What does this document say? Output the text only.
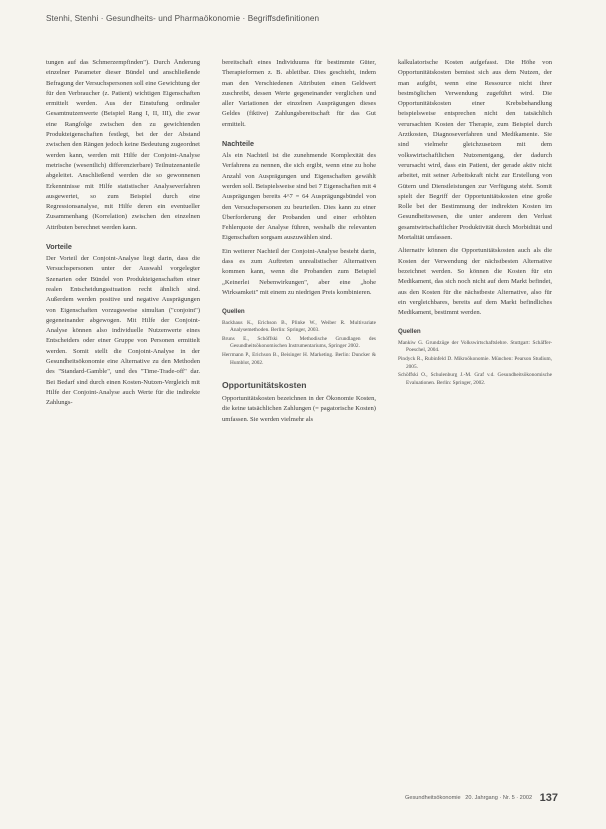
Stenhi, Stenhi · Gesundheits- und Pharmaökonomie · Begriffsdefinitionen

tungen auf das Schmerzempfinden"). Durch Änderung einzelner Parameter dieser Bündel und anschließende Befragung der Versuchspersonen soll eine Gewichtung der für den Verbraucher (z. Patient) wichtigen Eigenschaften ermittelt werden. Aus der Einstufung ordinaler Gesamtnutzenwerte (Beispiel Rang I, II, III), die zwar eine Rangfolge zwischen den zu gewichtenden Produkteigenschaften festlegt, bei der der Abstand zwischen den Rängen jedoch keine Bedeutung zugeordnet werden kann, werden mit Hilfe der Conjoint-Analyse metrische (wesentlich) differenzierbare) Teilnutzenanteile abgeleitet. Anschließend werden die so gewonnenen Erkenntnisse mit Hilfe statistischer Analyseverfahren ausgewertet, so zum Beispiel durch eine Regressionsanalyse, mit Hilfe deren ein eventueller Zusammenhang (Korrelation) zwischen den einzelnen Attributen berechnet werden kann.

Vorteile

Der Vorteil der Conjoint-Analyse liegt darin, dass die Versuchspersonen unter der Auswahl vorgelegter Szenarien oder Bündel von Produkteigenschaften einer realen Entscheidungssituation recht ähnlich sind. Außerdem werden positive und negative Ausprägungen von Eigenschaften vorzugsweise simultan ("conjoint") gegeneinander abgewogen. Mit Hilfe der Conjoint-Analyse können also individuelle Nutzenwerte eines Entscheiders oder einer Gruppe von Personen ermittelt werden. Somit stellt die Conjoint-Analyse in der Gesundheitsökonomie eine Alternative zu den Methoden des "Standard-Gamble", und des "Time-Trade-off" dar. Bei Bedarf sind durch einen Kosten-Nutzen-Vergleich mit Hilfe der Conjoint-Analyse auch Werte für die indirekte Zahlungs-

bereitschaft eines Individuums für bestimmte Güter, Therapieformen z. B. ableitbar. Dies geschieht, indem man den Verschiedenen Attributen einen Geldwert zuschreibt, dessen Werte gegeneinander verglichen und aller Variationen der einzelnen Ausprägungen dieses Geldes (fiktive) Zahlungsbereitschaft für das Gut ermittelt.

Nachteile

Als ein Nachteil ist die zunehmende Komplexität des Verfahrens zu nennen, die sich ergibt, wenn eine zu hohe Anzahl von Ausprägungen und Eigenschaften gewählt werden soll. Beispielsweise sind bei 7 Eigenschaften mit 4 Ausprägungen bereits 4^7 = 64 Ausprägungsbündel von den Versuchspersonen zu beurteilen. Dies kann zu einer Überforderung der Probanden und einer erhöhten Fehlerquote der Analyse führen, weshalb die relevanten Eigenschaften sorgsam auszuwählen sind.

Ein weiterer Nachteil der Conjoint-Analyse besteht darin, dass es zum Auftreten unrealistischer Alternativen kommen kann, wenn die Probanden zum Beispiel „Keinerlei Nebenwirkungen", aber eine „hohe Wirksamkeit" mit einem zu niedrigen Preis kombinieren.

Quellen
Backhaus K., Erichson B., Plinke W., Weiber R. Multivariate Analysemethoden. Berlin: Springer, 2003.
Bruns E., Schöffski O. Methodische Grundlagen des Gesundheitsökonomischen Instrumentariums, Springer 2002.
Herrmann P., Erichson B., Beisinger H. Marketing. Berlin: Duncker & Humblot, 2002.
Opportunitätskosten

Opportunitätskosten bezeichnen in der Ökonomie Kosten, die keine tatsächlichen Zahlungen (= pagatorische Kosten) umfassen. Sie werden vielmehr als

kalkulatorische Kosten aufgefasst. Die Höhe von Opportunitätskosten bemisst sich aus dem Nutzen, der man aufgibt, wenn eine Ressource nicht ihrer bestmöglichen Verwendung zugeführt wird. Die Opportunitätskosten einer Krebsbehandlung beispielsweise entsprechen nicht den tatsächlich verursachten Kosten der Therapie, zum Beispiel durch Arztkosten, Diagnoseverfahren und Medikamente. Sie sind vielmehr gleichzusetzen mit dem volkswirtschaftlichen Nutzenentgang, der dadurch verursacht wird, dass ein Patient, der gerade aktiv nicht arbeitet, mit seiner Arbeitskraft nicht zur Erstellung von Gütern und Dienstleistungen zur Verfügung steht. Somit spielt der Begriff der Opportunitätskosten eine große Rolle bei der Bestimmung der indirekten Kosten im Gesundheitswesen, die unter anderem den Verlust gesamtwirtschaftlicher Produktivität durch Morbidität und Mortalität umfassen.

Alternativ können die Opportunitätskosten auch als die Kosten der Verwendung der nächstbesten Alternative bezeichnet werden. So können die Kosten für ein Medikament, das sich noch nicht auf dem Markt befindet, aus den Kosten für die nächstbeste Alternative, also für ein vergleichbares, bereits auf dem Markt befindliches Medikament, bestimmt werden.

Quellen
Mankiw G. Grundzüge der Volkswirtschaftslehre. Stuttgart: Schäffer-Poeschel, 2004.
Pindyck R., Rubinfeld D. Mikroökonomie. München: Pearson Studium, 2005.
Schöffski O., Schulenburg J.-M. Graf v.d. Gesundheitsökonomische Evaluationen. Berlin: Springer, 2002.
Gesundheitsökonomie 20. Jahrgang · Nr. 5 · 2002 137
